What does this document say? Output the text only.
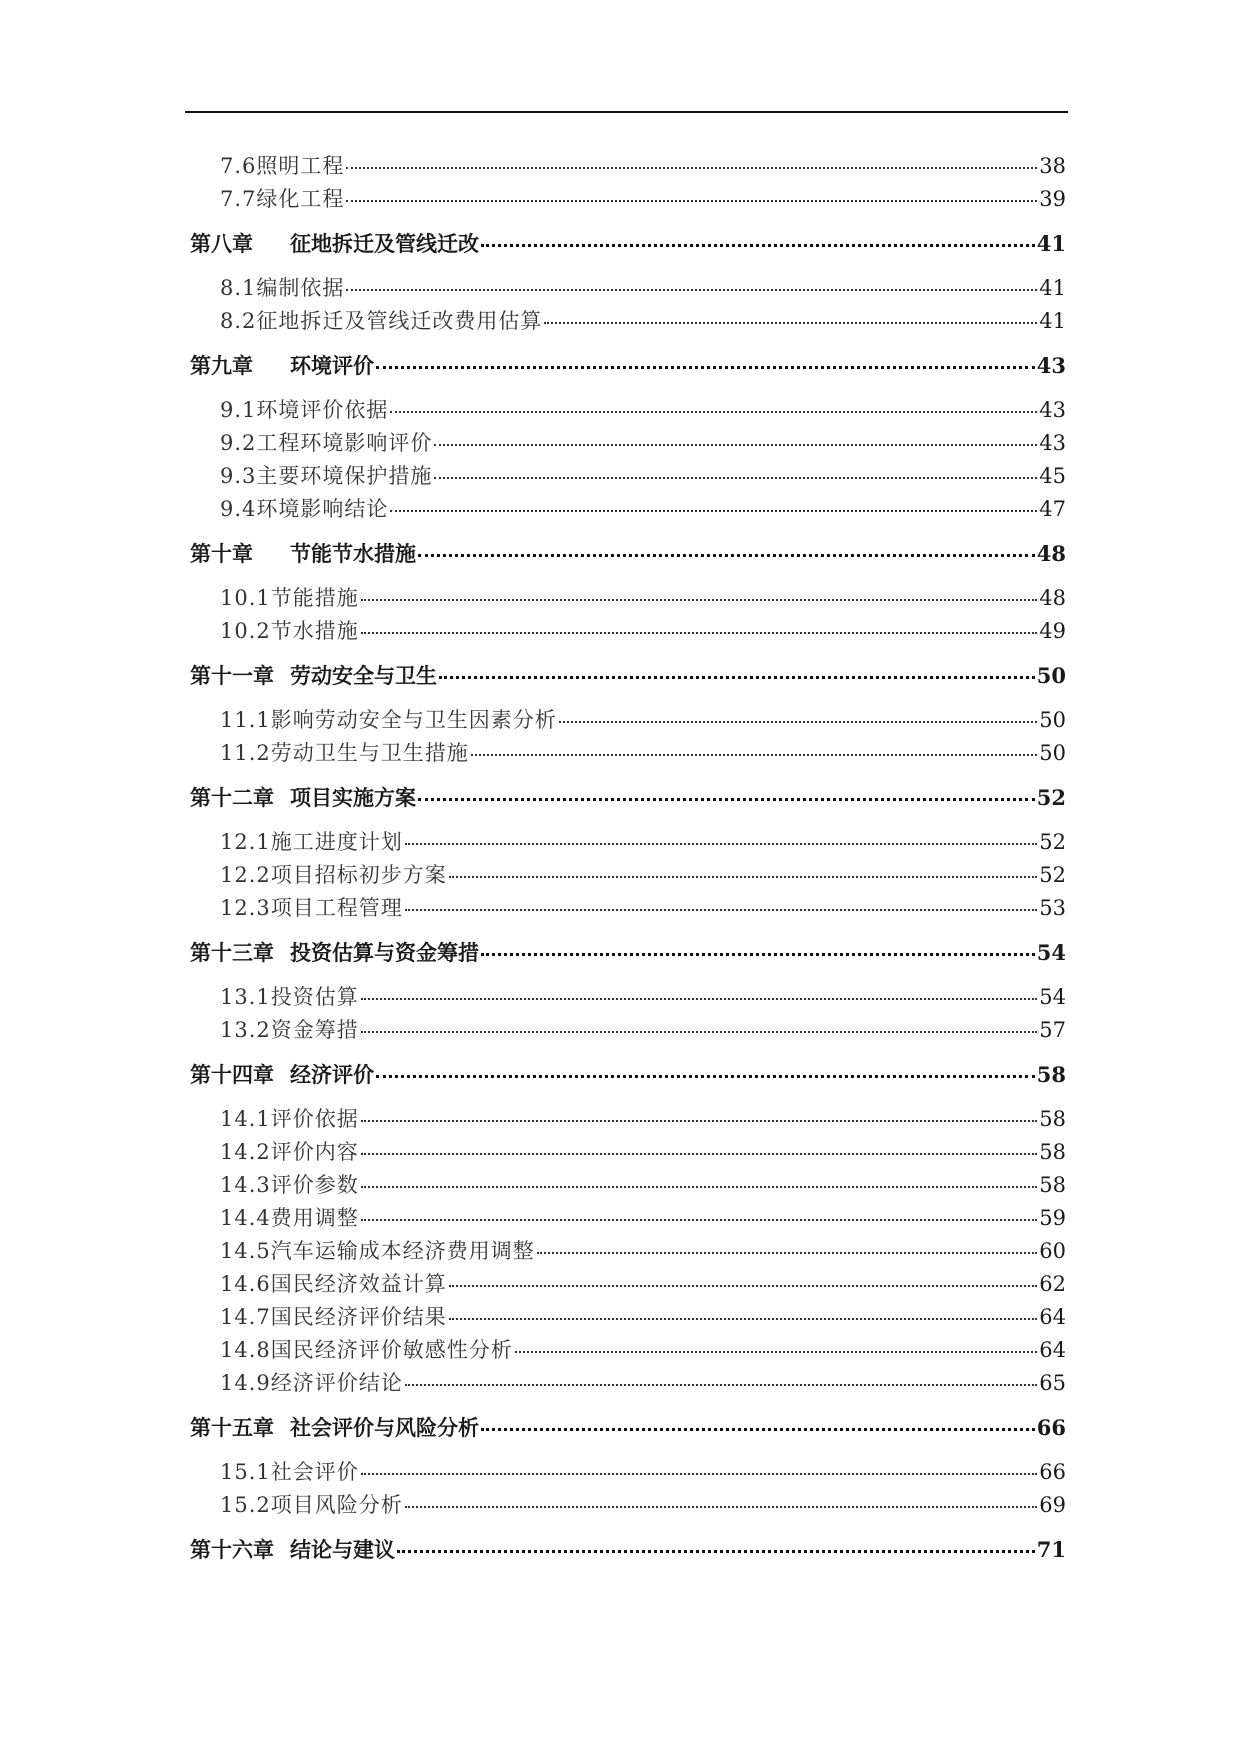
7.6照明工程	38
7.7绿化工程	39
第八章 征地拆迁及管线迁改	41
8.1编制依据	41
8.2征地拆迁及管线迁改费用估算	41
第九章 环境评价	43
9.1环境评价依据	43
9.2工程环境影响评价	43
9.3主要环境保护措施	45
9.4环境影响结论	47
第十章 节能节水措施	48
10.1节能措施	48
10.2节水措施	49
第十一章 劳动安全与卫生	50
11.1影响劳动安全与卫生因素分析	50
11.2劳动卫生与卫生措施	50
第十二章 项目实施方案	52
12.1施工进度计划	52
12.2项目招标初步方案	52
12.3项目工程管理	53
第十三章 投资估算与资金筹措	54
13.1投资估算	54
13.2资金筹措	57
第十四章 经济评价	58
14.1评价依据	58
14.2评价内容	58
14.3评价参数	58
14.4费用调整	59
14.5汽车运输成本经济费用调整	60
14.6国民经济效益计算	62
14.7国民经济评价结果	64
14.8国民经济评价敏感性分析	64
14.9经济评价结论	65
第十五章 社会评价与风险分析	66
15.1社会评价	66
15.2项目风险分析	69
第十六章 结论与建议	71
